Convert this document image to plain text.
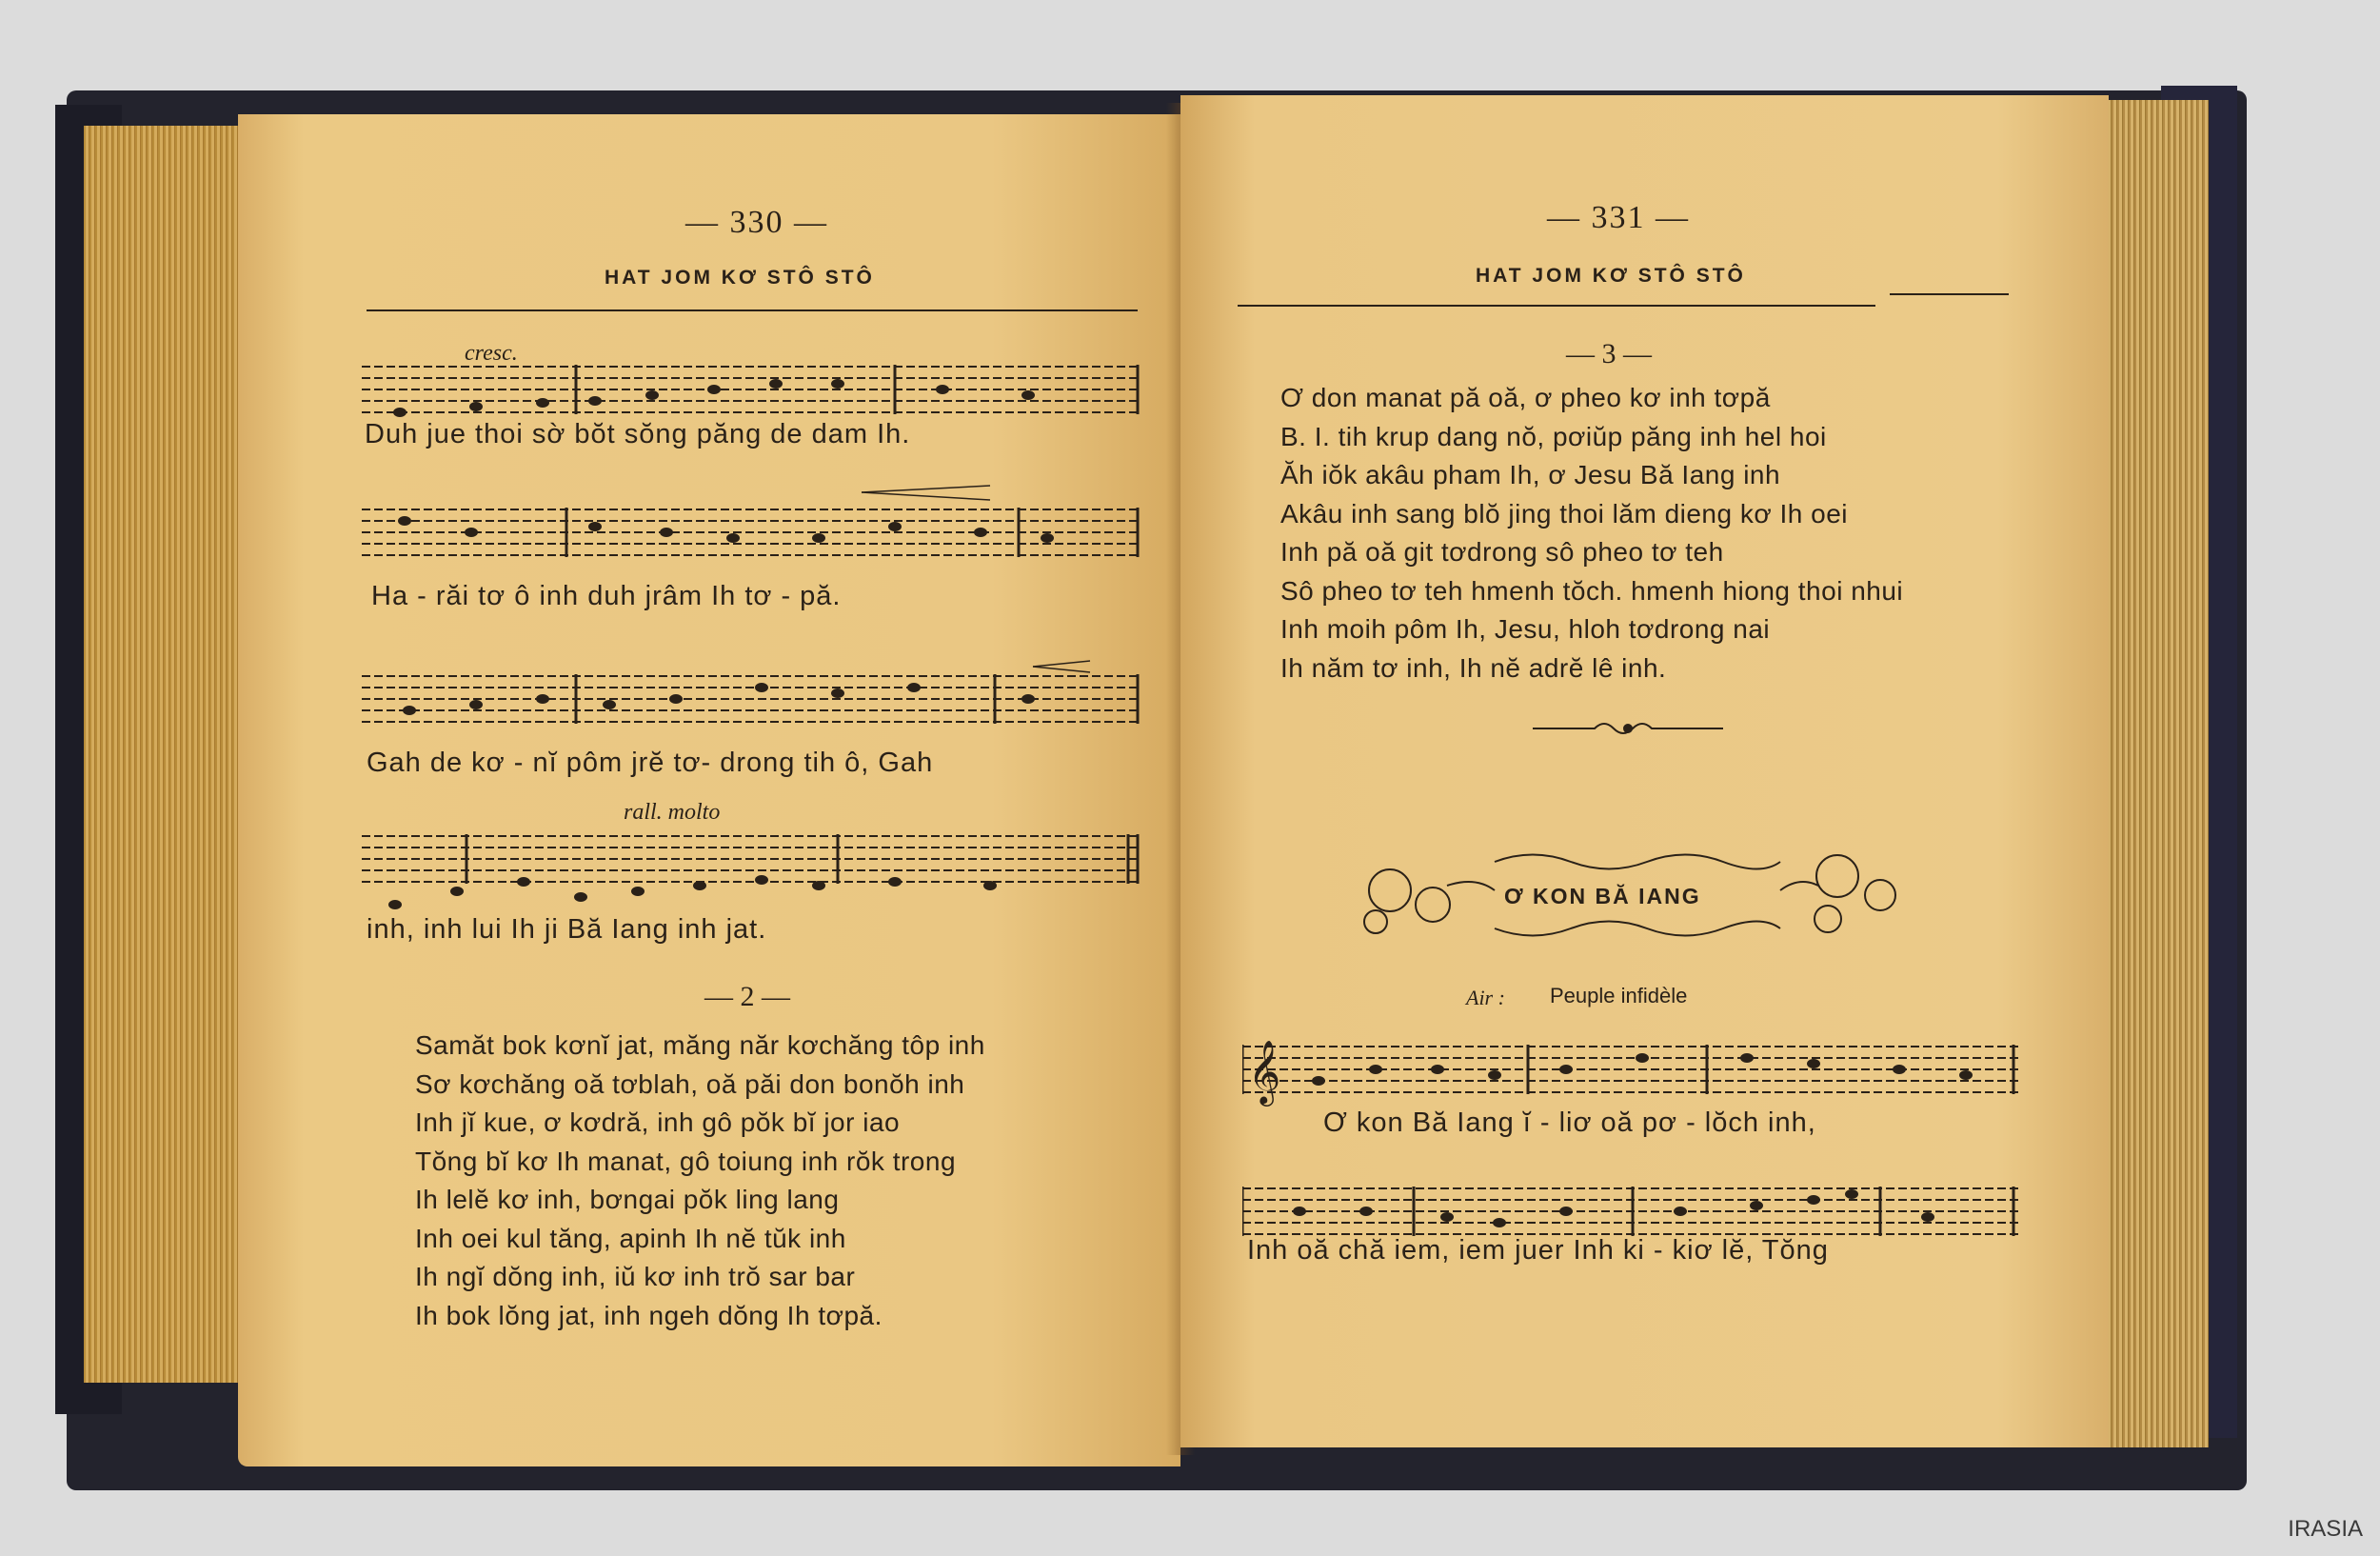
— 330 —
HAT JOM KƠ STÔ STÔ
cresc.
Duh jue thoi sờ bŏt sŏng păng de dam Ih.
Ha - răi tơ ô inh duh jrâm Ih tơ - pă.
Gah de kơ - nĭ pôm jrĕ tơ- drong tih ô, Gah
rall. molto
inh, inh lui Ih ji Bă Iang inh jat.
— 2 —
Samăt bok kơnĭ jat, măng năr kơchăng tôp inh
Sơ kơchăng oă tơblah, oă păi don bonŏh inh
Inh jĭ kue, ơ kơdră, inh gô pŏk bĭ jor iao
Tŏng bĭ kơ Ih manat, gô toiung inh rŏk trong
Ih lelĕ kơ inh, bơngai pŏk ling lang
Inh oei kul tăng, apinh Ih nĕ tŭk inh
Ih ngĭ dŏng inh, iŭ kơ inh trŏ sar bar
Ih bok lŏng jat, inh ngeh dŏng Ih tơpă.
— 331 —
HAT JOM KƠ STÔ STÔ
— 3 —
Ơ don manat pă oă, ơ pheo kơ inh tơpă
B. I. tih krup dang nŏ, pơiŭp păng inh hel hoi
Ăh iŏk akâu pham Ih, ơ Jesu Bă Iang inh
Akâu inh sang blŏ jing thoi lăm dieng kơ Ih oei
Inh pă oă git tơdrong sô pheo tơ teh
Sô pheo tơ teh hmenh tŏch. hmenh hiong thoi nhui
Inh moih pôm Ih, Jesu, hloh tơdrong nai
Ih năm tơ inh, Ih nĕ adrĕ lê inh.
Ơ KON BĂ IANG
Air : Peuple infidèle
𝄞
Ơ kon Bă Iang ĭ - liơ oă pơ - lŏch inh,
Inh oă chă iem, iem juer Inh ki - kiơ lĕ, Tŏng
IRASIA
